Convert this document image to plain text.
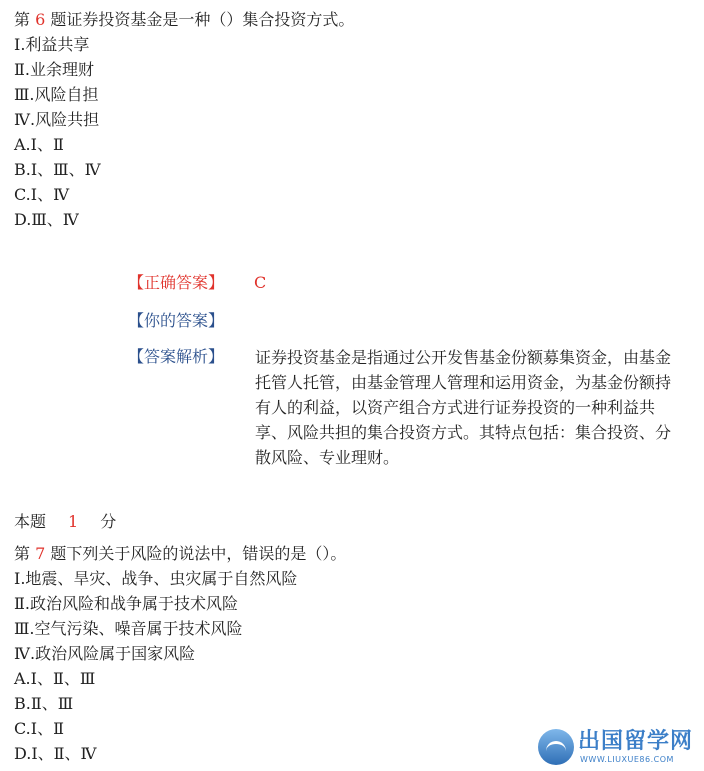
第 6 题证券投资基金是一种（）集合投资方式。
Ⅰ.利益共享
Ⅱ.业余理财
Ⅲ.风险自担
Ⅳ.风险共担
A.Ⅰ、Ⅱ
B.Ⅰ、Ⅲ、Ⅳ
C.Ⅰ、Ⅳ
D.Ⅲ、Ⅳ
【正确答案】 C
【你的答案】
【答案解析】 证券投资基金是指通过公开发售基金份额募集资金，由基金托管人托管，由基金管理人管理和运用资金，为基金份额持有人的利益，以资产组合方式进行证券投资的一种利益共享、风险共担的集合投资方式。其特点包括：集合投资、分散风险、专业理财。
本题 1 分
第 7 题下列关于风险的说法中，错误的是（）。
Ⅰ.地震、旱灾、战争、虫灾属于自然风险
Ⅱ.政治风险和战争属于技术风险
Ⅲ.空气污染、噪音属于技术风险
Ⅳ.政治风险属于国家风险
A.Ⅰ、Ⅱ、Ⅲ
B.Ⅱ、Ⅲ
C.Ⅰ、Ⅱ
D.Ⅰ、Ⅱ、Ⅳ	出国留学网
WWW.LIUXUE86.COM
